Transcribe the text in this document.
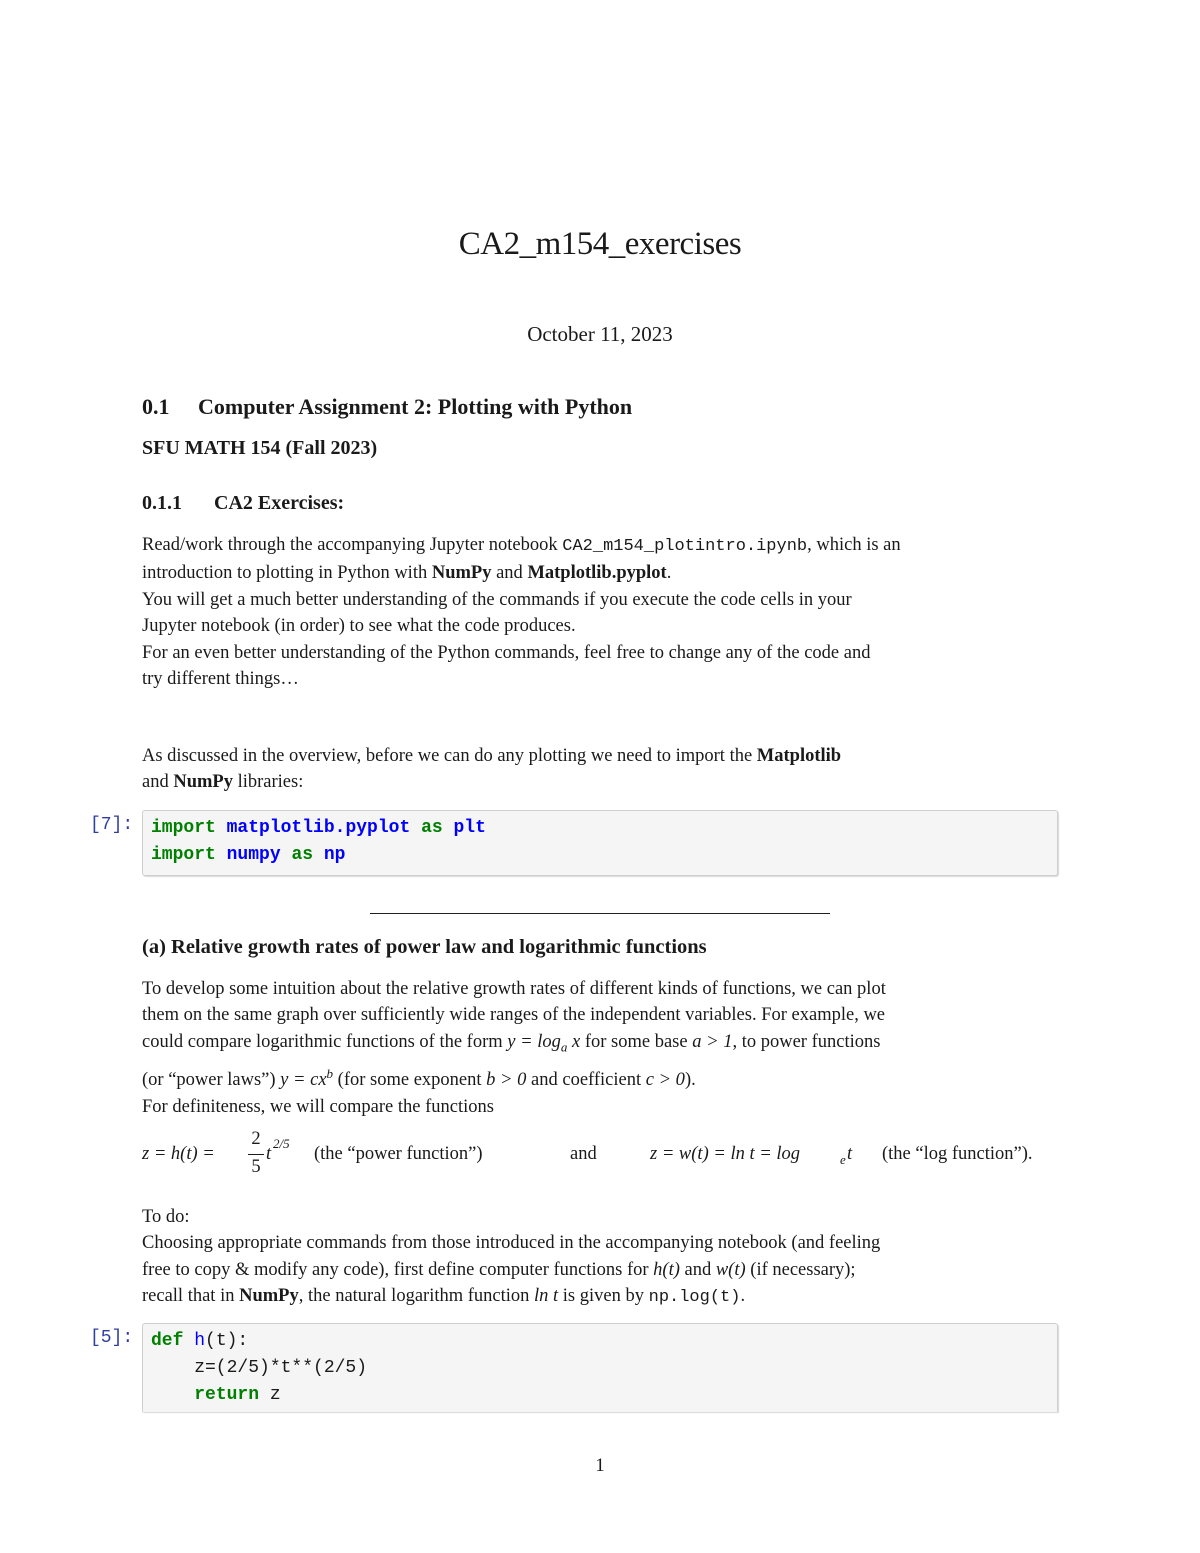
CA2_m154_exercises
October 11, 2023
0.1 Computer Assignment 2: Plotting with Python
SFU MATH 154 (Fall 2023)
0.1.1 CA2 Exercises:
Read/work through the accompanying Jupyter notebook CA2_m154_plotintro.ipynb, which is an
introduction to plotting in Python with NumPy and Matplotlib.pyplot.
You will get a much better understanding of the commands if you execute the code cells in your
Jupyter notebook (in order) to see what the code produces.
For an even better understanding of the Python commands, feel free to change any of the code and
try different things…
As discussed in the overview, before we can do any plotting we need to import the Matplotlib
and NumPy libraries:
[7]: import matplotlib.pyplot as plt
import numpy as np
(a) Relative growth rates of power law and logarithmic functions
To develop some intuition about the relative growth rates of different kinds of functions, we can plot
them on the same graph over sufficiently wide ranges of the independent variables. For example, we
could compare logarithmic functions of the form $y = \log_a x$ for some base a > 1, to power functions
(or “power laws”) $y = cx^b$ (for some exponent b > 0 and coefficient c > 0).
For definiteness, we will compare the functions
z = h(t) =
2
5
t
2/5
(the “power function”)	and	z = w(t) = ln t = log	e t (the “log function”).
To do:
Choosing appropriate commands from those introduced in the accompanying notebook (and feeling
free to copy & modify any code), first define computer functions for h(t) and w(t) (if necessary);
recall that in NumPy, the natural logarithm function ln t is given by np.log(t).
[5]: def h(t):
z=(2/5)*t**(2/5)
return z
1
